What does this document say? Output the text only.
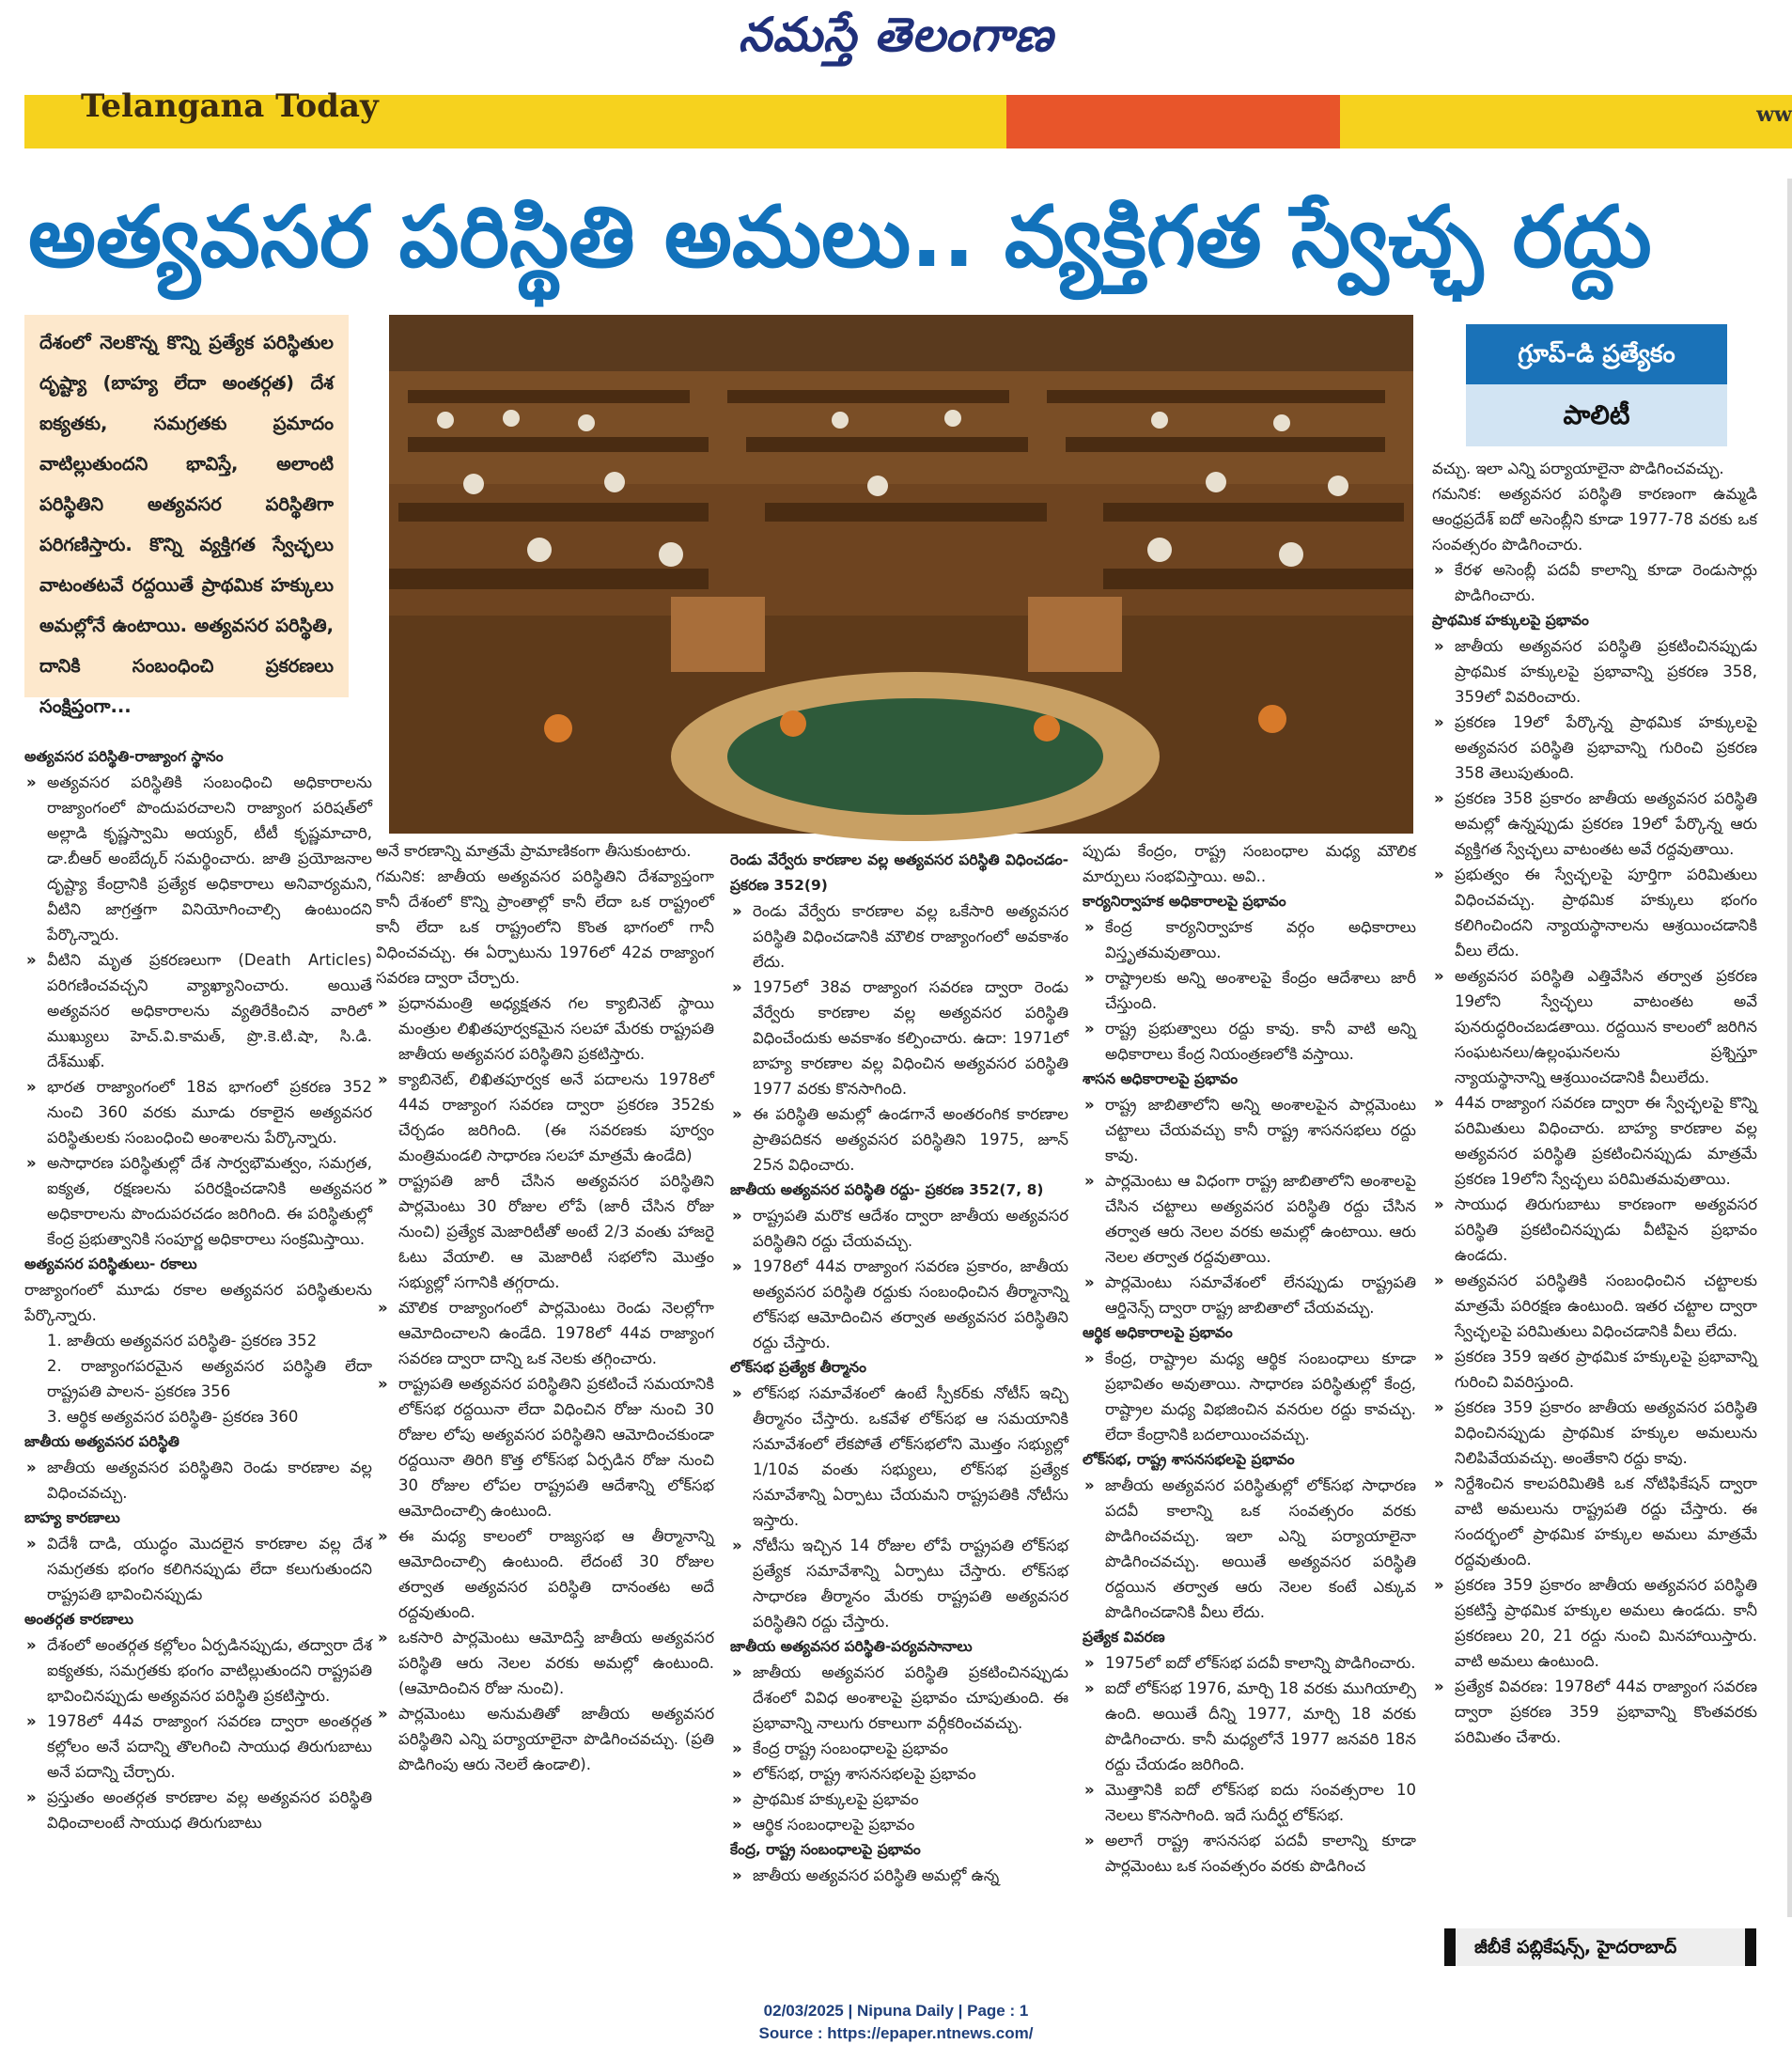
నమస్తే తెలంగాణ
Telangana Today	ww
అత్యవసర పరిస్థితి అమలు.. వ్యక్తిగత స్వేచ్ఛ రద్దు
దేశంలో నెలకొన్న కొన్ని ప్రత్యేక పరిస్థితుల దృష్ట్యా (బాహ్య లేదా అంతర్గత) దేశ ఐక్యతకు, సమగ్రతకు ప్రమాదం వాటిల్లుతుందని భావిస్తే, అలాంటి పరిస్థితిని అత్యవసర పరిస్థితిగా పరిగణిస్తారు. కొన్ని వ్యక్తిగత స్వేచ్ఛలు వాటంతటవే రద్దయితే ప్రాథమిక హక్కులు అమల్లోనే ఉంటాయి. అత్యవసర పరిస్థితి, దానికి సంబంధించి ప్రకరణలు సంక్షిప్తంగా...
గ్రూప్-డి ప్రత్యేకం
పాలిటీ

అత్యవసర పరిస్థితి-రాజ్యాంగ స్థానం

» అత్యవసర పరిస్థితికి సంబంధించి అధికారాలను రాజ్యాంగంలో పొందుపరచాలని రాజ్యాంగ పరిషత్‌లో అల్లాడి కృష్ణస్వామి అయ్యర్, టీటీ కృష్ణమాచారి, డా.బీఆర్ అంబేద్కర్ సమర్థించారు. జాతి ప్రయోజనాల దృష్ట్యా కేంద్రానికి ప్రత్యేక అధికారాలు అనివార్యమని, వీటిని జాగ్రత్తగా వినియోగించాల్సి ఉంటుందని పేర్కొన్నారు.

» వీటిని మృత ప్రకరణలుగా (Death Articles) పరిగణించవచ్చని వ్యాఖ్యానించారు. అయితే అత్యవసర అధికారాలను వ్యతిరేకించిన వారిలో ముఖ్యులు హెచ్.వి.కామత్, ప్రొ.కె.టి.షా, సి.డి. దేశ్‌ముఖ్.

» భారత రాజ్యాంగంలో 18వ భాగంలో ప్రకరణ 352 నుంచి 360 వరకు మూడు రకాలైన అత్యవసర పరిస్థితులకు సంబంధించి అంశాలను పేర్కొన్నారు.

» అసాధారణ పరిస్థితుల్లో దేశ సార్వభౌమత్వం, సమగ్రత, ఐక్యత, రక్షణలను పరిరక్షించడానికి అత్యవసర అధికారాలను పొందుపరచడం జరిగింది. ఈ పరిస్థితుల్లో కేంద్ర ప్రభుత్వానికి సంపూర్ణ అధికారాలు సంక్రమిస్తాయి.

అత్యవసర పరిస్థితులు- రకాలు

రాజ్యాంగంలో మూడు రకాల అత్యవసర పరిస్థితులను పేర్కొన్నారు.

1. జాతీయ అత్యవసర పరిస్థితి- ప్రకరణ 352

2. రాజ్యాంగపరమైన అత్యవసర పరిస్థితి లేదా రాష్ట్రపతి పాలన- ప్రకరణ 356

3. ఆర్థిక అత్యవసర పరిస్థితి- ప్రకరణ 360

జాతీయ అత్యవసర పరిస్థితి

» జాతీయ అత్యవసర పరిస్థితిని రెండు కారణాల వల్ల విధించవచ్చు.

బాహ్య కారణాలు

» విదేశీ దాడి, యుద్ధం మొదలైన కారణాల వల్ల దేశ సమగ్రతకు భంగం కలిగినప్పుడు లేదా కలుగుతుందని రాష్ట్రపతి భావించినప్పుడు

అంతర్గత కారణాలు

» దేశంలో అంతర్గత కల్లోలం ఏర్పడినప్పుడు, తద్వారా దేశ ఐక్యతకు, సమగ్రతకు భంగం వాటిల్లుతుందని రాష్ట్రపతి భావించినప్పుడు అత్యవసర పరిస్థితి ప్రకటిస్తారు.

» 1978లో 44వ రాజ్యాంగ సవరణ ద్వారా అంతర్గత కల్లోలం అనే పదాన్ని తొలగించి సాయుధ తిరుగుబాటు అనే పదాన్ని చేర్చారు.

» ప్రస్తుతం అంతర్గత కారణాల వల్ల అత్యవసర పరిస్థితి విధించాలంటే సాయుధ తిరుగుబాటు

అనే కారణాన్ని మాత్రమే ప్రామాణికంగా తీసుకుంటారు.

గమనిక: జాతీయ అత్యవసర పరిస్థితిని దేశవ్యాప్తంగా కానీ దేశంలో కొన్ని ప్రాంతాల్లో కానీ లేదా ఒక రాష్ట్రంలో కానీ లేదా ఒక రాష్ట్రంలోని కొంత భాగంలో గానీ విధించవచ్చు. ఈ ఏర్పాటును 1976లో 42వ రాజ్యాంగ సవరణ ద్వారా చేర్చారు.

» ప్రధానమంత్రి అధ్యక్షతన గల క్యాబినెట్ స్థాయి మంత్రుల లిఖితపూర్వకమైన సలహా మేరకు రాష్ట్రపతి జాతీయ అత్యవసర పరిస్థితిని ప్రకటిస్తారు.

» క్యాబినెట్, లిఖితపూర్వక అనే పదాలను 1978లో 44వ రాజ్యాంగ సవరణ ద్వారా ప్రకరణ 352కు చేర్చడం జరిగింది. (ఈ సవరణకు పూర్వం మంత్రిమండలి సాధారణ సలహా మాత్రమే ఉండేది)

» రాష్ట్రపతి జారీ చేసిన అత్యవసర పరిస్థితిని పార్లమెంటు 30 రోజుల లోపే (జారీ చేసిన రోజు నుంచి) ప్రత్యేక మెజారిటీతో అంటే 2/3 వంతు హాజరై ఓటు వేయాలి. ఆ మెజారిటీ సభలోని మొత్తం సభ్యుల్లో సగానికి తగ్గరాదు.

» మౌలిక రాజ్యాంగంలో పార్లమెంటు రెండు నెలల్లోగా ఆమోదించాలని ఉండేది. 1978లో 44వ రాజ్యాంగ సవరణ ద్వారా దాన్ని ఒక నెలకు తగ్గించారు.

» రాష్ట్రపతి అత్యవసర పరిస్థితిని ప్రకటించే సమయానికి లోక్‌సభ రద్దయినా లేదా విధించిన రోజు నుంచి 30 రోజుల లోపు అత్యవసర పరిస్థితిని ఆమోదించకుండా రద్దయినా తిరిగి కొత్త లోక్‌సభ ఏర్పడిన రోజు నుంచి 30 రోజుల లోపల రాష్ట్రపతి ఆదేశాన్ని లోక్‌సభ ఆమోదించాల్సి ఉంటుంది.

» ఈ మధ్య కాలంలో రాజ్యసభ ఆ తీర్మానాన్ని ఆమోదించాల్సి ఉంటుంది. లేదంటే 30 రోజుల తర్వాత అత్యవసర పరిస్థితి దానంతట అదే రద్దవుతుంది.

» ఒకసారి పార్లమెంటు ఆమోదిస్తే జాతీయ అత్యవసర పరిస్థితి ఆరు నెలల వరకు అమల్లో ఉంటుంది. (ఆమోదించిన రోజు నుంచి).

» పార్లమెంటు అనుమతితో జాతీయ అత్యవసర పరిస్థితిని ఎన్ని పర్యాయాలైనా పొడిగించవచ్చు. (ప్రతి పొడిగింపు ఆరు నెలలే ఉండాలి).

రెండు వేర్వేరు కారణాల వల్ల అత్యవసర పరిస్థితి విధించడం- ప్రకరణ 352(9)

» రెండు వేర్వేరు కారణాల వల్ల ఒకేసారి అత్యవసర పరిస్థితి విధించడానికి మౌలిక రాజ్యాంగంలో అవకాశం లేదు.

» 1975లో 38వ రాజ్యాంగ సవరణ ద్వారా రెండు వేర్వేరు కారణాల వల్ల అత్యవసర పరిస్థితి విధించేందుకు అవకాశం కల్పించారు. ఉదా: 1971లో బాహ్య కారణాల వల్ల విధించిన అత్యవసర పరిస్థితి 1977 వరకు కొనసాగింది.

» ఈ పరిస్థితి అమల్లో ఉండగానే అంతరంగిక కారణాల ప్రాతిపదికన అత్యవసర పరిస్థితిని 1975, జూన్ 25న విధించారు.

జాతీయ అత్యవసర పరిస్థితి రద్దు- ప్రకరణ 352(7, 8)

» రాష్ట్రపతి మరొక ఆదేశం ద్వారా జాతీయ అత్యవసర పరిస్థితిని రద్దు చేయవచ్చు.

» 1978లో 44వ రాజ్యాంగ సవరణ ప్రకారం, జాతీయ అత్యవసర పరిస్థితి రద్దుకు సంబంధించిన తీర్మానాన్ని లోక్‌సభ ఆమోదించిన తర్వాత అత్యవసర పరిస్థితిని రద్దు చేస్తారు.

లోక్‌సభ ప్రత్యేక తీర్మానం

» లోక్‌సభ సమావేశంలో ఉంటే స్పీకర్‌కు నోటీస్ ఇచ్చి తీర్మానం చేస్తారు. ఒకవేళ లోక్‌సభ ఆ సమయానికి సమావేశంలో లేకపోతే లోక్‌సభలోని మొత్తం సభ్యుల్లో 1/10వ వంతు సభ్యులు, లోక్‌సభ ప్రత్యేక సమావేశాన్ని ఏర్పాటు చేయమని రాష్ట్రపతికి నోటీసు ఇస్తారు.

» నోటీసు ఇచ్చిన 14 రోజుల లోపే రాష్ట్రపతి లోక్‌సభ ప్రత్యేక సమావేశాన్ని ఏర్పాటు చేస్తారు. లోక్‌సభ సాధారణ తీర్మానం మేరకు రాష్ట్రపతి అత్యవసర పరిస్థితిని రద్దు చేస్తారు.

జాతీయ అత్యవసర పరిస్థితి-పర్యవసానాలు

» జాతీయ అత్యవసర పరిస్థితి ప్రకటించినప్పుడు దేశంలో వివిధ అంశాలపై ప్రభావం చూపుతుంది. ఈ ప్రభావాన్ని నాలుగు రకాలుగా వర్గీకరించవచ్చు.

» కేంద్ర రాష్ట్ర సంబంధాలపై ప్రభావం

» లోక్‌సభ, రాష్ట్ర శాసనసభలపై ప్రభావం

» ప్రాథమిక హక్కులపై ప్రభావం

» ఆర్థిక సంబంధాలపై ప్రభావం

కేంద్ర, రాష్ట్ర సంబంధాలపై ప్రభావం

» జాతీయ అత్యవసర పరిస్థితి అమల్లో ఉన్న

ప్పుడు కేంద్రం, రాష్ట్ర సంబంధాల మధ్య మౌలిక మార్పులు సంభవిస్తాయి. అవి..

కార్యనిర్వాహక అధికారాలపై ప్రభావం

» కేంద్ర కార్యనిర్వాహక వర్గం అధికారాలు విస్తృతమవుతాయి.

» రాష్ట్రాలకు అన్ని అంశాలపై కేంద్రం ఆదేశాలు జారీ చేస్తుంది.

» రాష్ట్ర ప్రభుత్వాలు రద్దు కావు. కానీ వాటి అన్ని అధికారాలు కేంద్ర నియంత్రణలోకి వస్తాయి.

శాసన అధికారాలపై ప్రభావం

» రాష్ట్ర జాబితాలోని అన్ని అంశాలపైన పార్లమెంటు చట్టాలు చేయవచ్చు కానీ రాష్ట్ర శాసనసభలు రద్దు కావు.

» పార్లమెంటు ఆ విధంగా రాష్ట్ర జాబితాలోని అంశాలపై చేసిన చట్టాలు అత్యవసర పరిస్థితి రద్దు చేసిన తర్వాత ఆరు నెలల వరకు అమల్లో ఉంటాయి. ఆరు నెలల తర్వాత రద్దవుతాయి.

» పార్లమెంటు సమావేశంలో లేనప్పుడు రాష్ట్రపతి ఆర్డినెన్స్ ద్వారా రాష్ట్ర జాబితాలో చేయవచ్చు.

ఆర్థిక అధికారాలపై ప్రభావం

» కేంద్ర, రాష్ట్రాల మధ్య ఆర్థిక సంబంధాలు కూడా ప్రభావితం అవుతాయి. సాధారణ పరిస్థితుల్లో కేంద్ర, రాష్ట్రాల మధ్య విభజించిన వనరుల రద్దు కావచ్చు. లేదా కేంద్రానికి బదలాయించవచ్చు.

లోక్‌సభ, రాష్ట్ర శాసనసభలపై ప్రభావం

» జాతీయ అత్యవసర పరిస్థితుల్లో లోక్‌సభ సాధారణ పదవీ కాలాన్ని ఒక సంవత్సరం వరకు పొడిగించవచ్చు. ఇలా ఎన్ని పర్యాయాలైనా పొడిగించవచ్చు. అయితే అత్యవసర పరిస్థితి రద్దయిన తర్వాత ఆరు నెలల కంటే ఎక్కువ పొడిగించడానికి వీలు లేదు.

ప్రత్యేక వివరణ

» 1975లో ఐదో లోక్‌సభ పదవీ కాలాన్ని పొడిగించారు.

» ఐదో లోక్‌సభ 1976, మార్చి 18 వరకు ముగియాల్సి ఉంది. అయితే దీన్ని 1977, మార్చి 18 వరకు పొడిగించారు. కానీ మధ్యలోనే 1977 జనవరి 18న రద్దు చేయడం జరిగింది.

» మొత్తానికి ఐదో లోక్‌సభ ఐదు సంవత్సరాల 10 నెలలు కొనసాగింది. ఇదే సుదీర్ఘ లోక్‌సభ.

» అలాగే రాష్ట్ర శాసనసభ పదవీ కాలాన్ని కూడా పార్లమెంటు ఒక సంవత్సరం వరకు పొడిగించ

వచ్చు. ఇలా ఎన్ని పర్యాయాలైనా పొడిగించవచ్చు.

గమనిక: అత్యవసర పరిస్థితి కారణంగా ఉమ్మడి ఆంధ్రప్రదేశ్ ఐదో అసెంబ్లీని కూడా 1977-78 వరకు ఒక సంవత్సరం పొడిగించారు.

» కేరళ అసెంబ్లీ పదవీ కాలాన్ని కూడా రెండుసార్లు పొడిగించారు.

ప్రాథమిక హక్కులపై ప్రభావం

» జాతీయ అత్యవసర పరిస్థితి ప్రకటించినప్పుడు ప్రాథమిక హక్కులపై ప్రభావాన్ని ప్రకరణ 358, 359లో వివరించారు.

» ప్రకరణ 19లో పేర్కొన్న ప్రాథమిక హక్కులపై అత్యవసర పరిస్థితి ప్రభావాన్ని గురించి ప్రకరణ 358 తెలుపుతుంది.

» ప్రకరణ 358 ప్రకారం జాతీయ అత్యవసర పరిస్థితి అమల్లో ఉన్నప్పుడు ప్రకరణ 19లో పేర్కొన్న ఆరు వ్యక్తిగత స్వేచ్ఛలు వాటంతట అవే రద్దవుతాయి.

» ప్రభుత్వం ఈ స్వేచ్ఛలపై పూర్తిగా పరిమితులు విధించవచ్చు. ప్రాథమిక హక్కులు భంగం కలిగించిందని న్యాయస్థానాలను ఆశ్రయించడానికి వీలు లేదు.

» అత్యవసర పరిస్థితి ఎత్తివేసిన తర్వాత ప్రకరణ 19లోని స్వేచ్ఛలు వాటంతట అవే పునరుద్ధరించబడతాయి. రద్దయిన కాలంలో జరిగిన సంఘటనలు/ఉల్లంఘనలను ప్రశ్నిస్తూ న్యాయస్థానాన్ని ఆశ్రయించడానికి వీలులేదు.

» 44వ రాజ్యాంగ సవరణ ద్వారా ఈ స్వేచ్ఛలపై కొన్ని పరిమితులు విధించారు. బాహ్య కారణాల వల్ల అత్యవసర పరిస్థితి ప్రకటించినప్పుడు మాత్రమే ప్రకరణ 19లోని స్వేచ్ఛలు పరిమితమవుతాయి.

» సాయుధ తిరుగుబాటు కారణంగా అత్యవసర పరిస్థితి ప్రకటించినప్పుడు వీటిపైన ప్రభావం ఉండదు.

» అత్యవసర పరిస్థితికి సంబంధించిన చట్టాలకు మాత్రమే పరిరక్షణ ఉంటుంది. ఇతర చట్టాల ద్వారా స్వేచ్ఛలపై పరిమితులు విధించడానికి వీలు లేదు.

» ప్రకరణ 359 ఇతర ప్రాథమిక హక్కులపై ప్రభావాన్ని గురించి వివరిస్తుంది.

» ప్రకరణ 359 ప్రకారం జాతీయ అత్యవసర పరిస్థితి విధించినప్పుడు ప్రాథమిక హక్కుల అమలును నిలిపివేయవచ్చు. అంతేకాని రద్దు కావు.

» నిర్దేశించిన కాలపరిమితికి ఒక నోటిఫికేషన్ ద్వారా వాటి అమలును రాష్ట్రపతి రద్దు చేస్తారు. ఈ సందర్భంలో ప్రాథమిక హక్కుల అమలు మాత్రమే రద్దవుతుంది.

» ప్రకరణ 359 ప్రకారం జాతీయ అత్యవసర పరిస్థితి ప్రకటిస్తే ప్రాథమిక హక్కుల అమలు ఉండదు. కానీ ప్రకరణలు 20, 21 రద్దు నుంచి మినహాయిస్తారు. వాటి అమలు ఉంటుంది.

» ప్రత్యేక వివరణ: 1978లో 44వ రాజ్యాంగ సవరణ ద్వారా ప్రకరణ 359 ప్రభావాన్ని కొంతవరకు పరిమితం చేశారు.

జీబీకే పబ్లికేషన్స్, హైదరాబాద్
02/03/2025 | Nipuna Daily | Page : 1
Source : https://epaper.ntnews.com/
